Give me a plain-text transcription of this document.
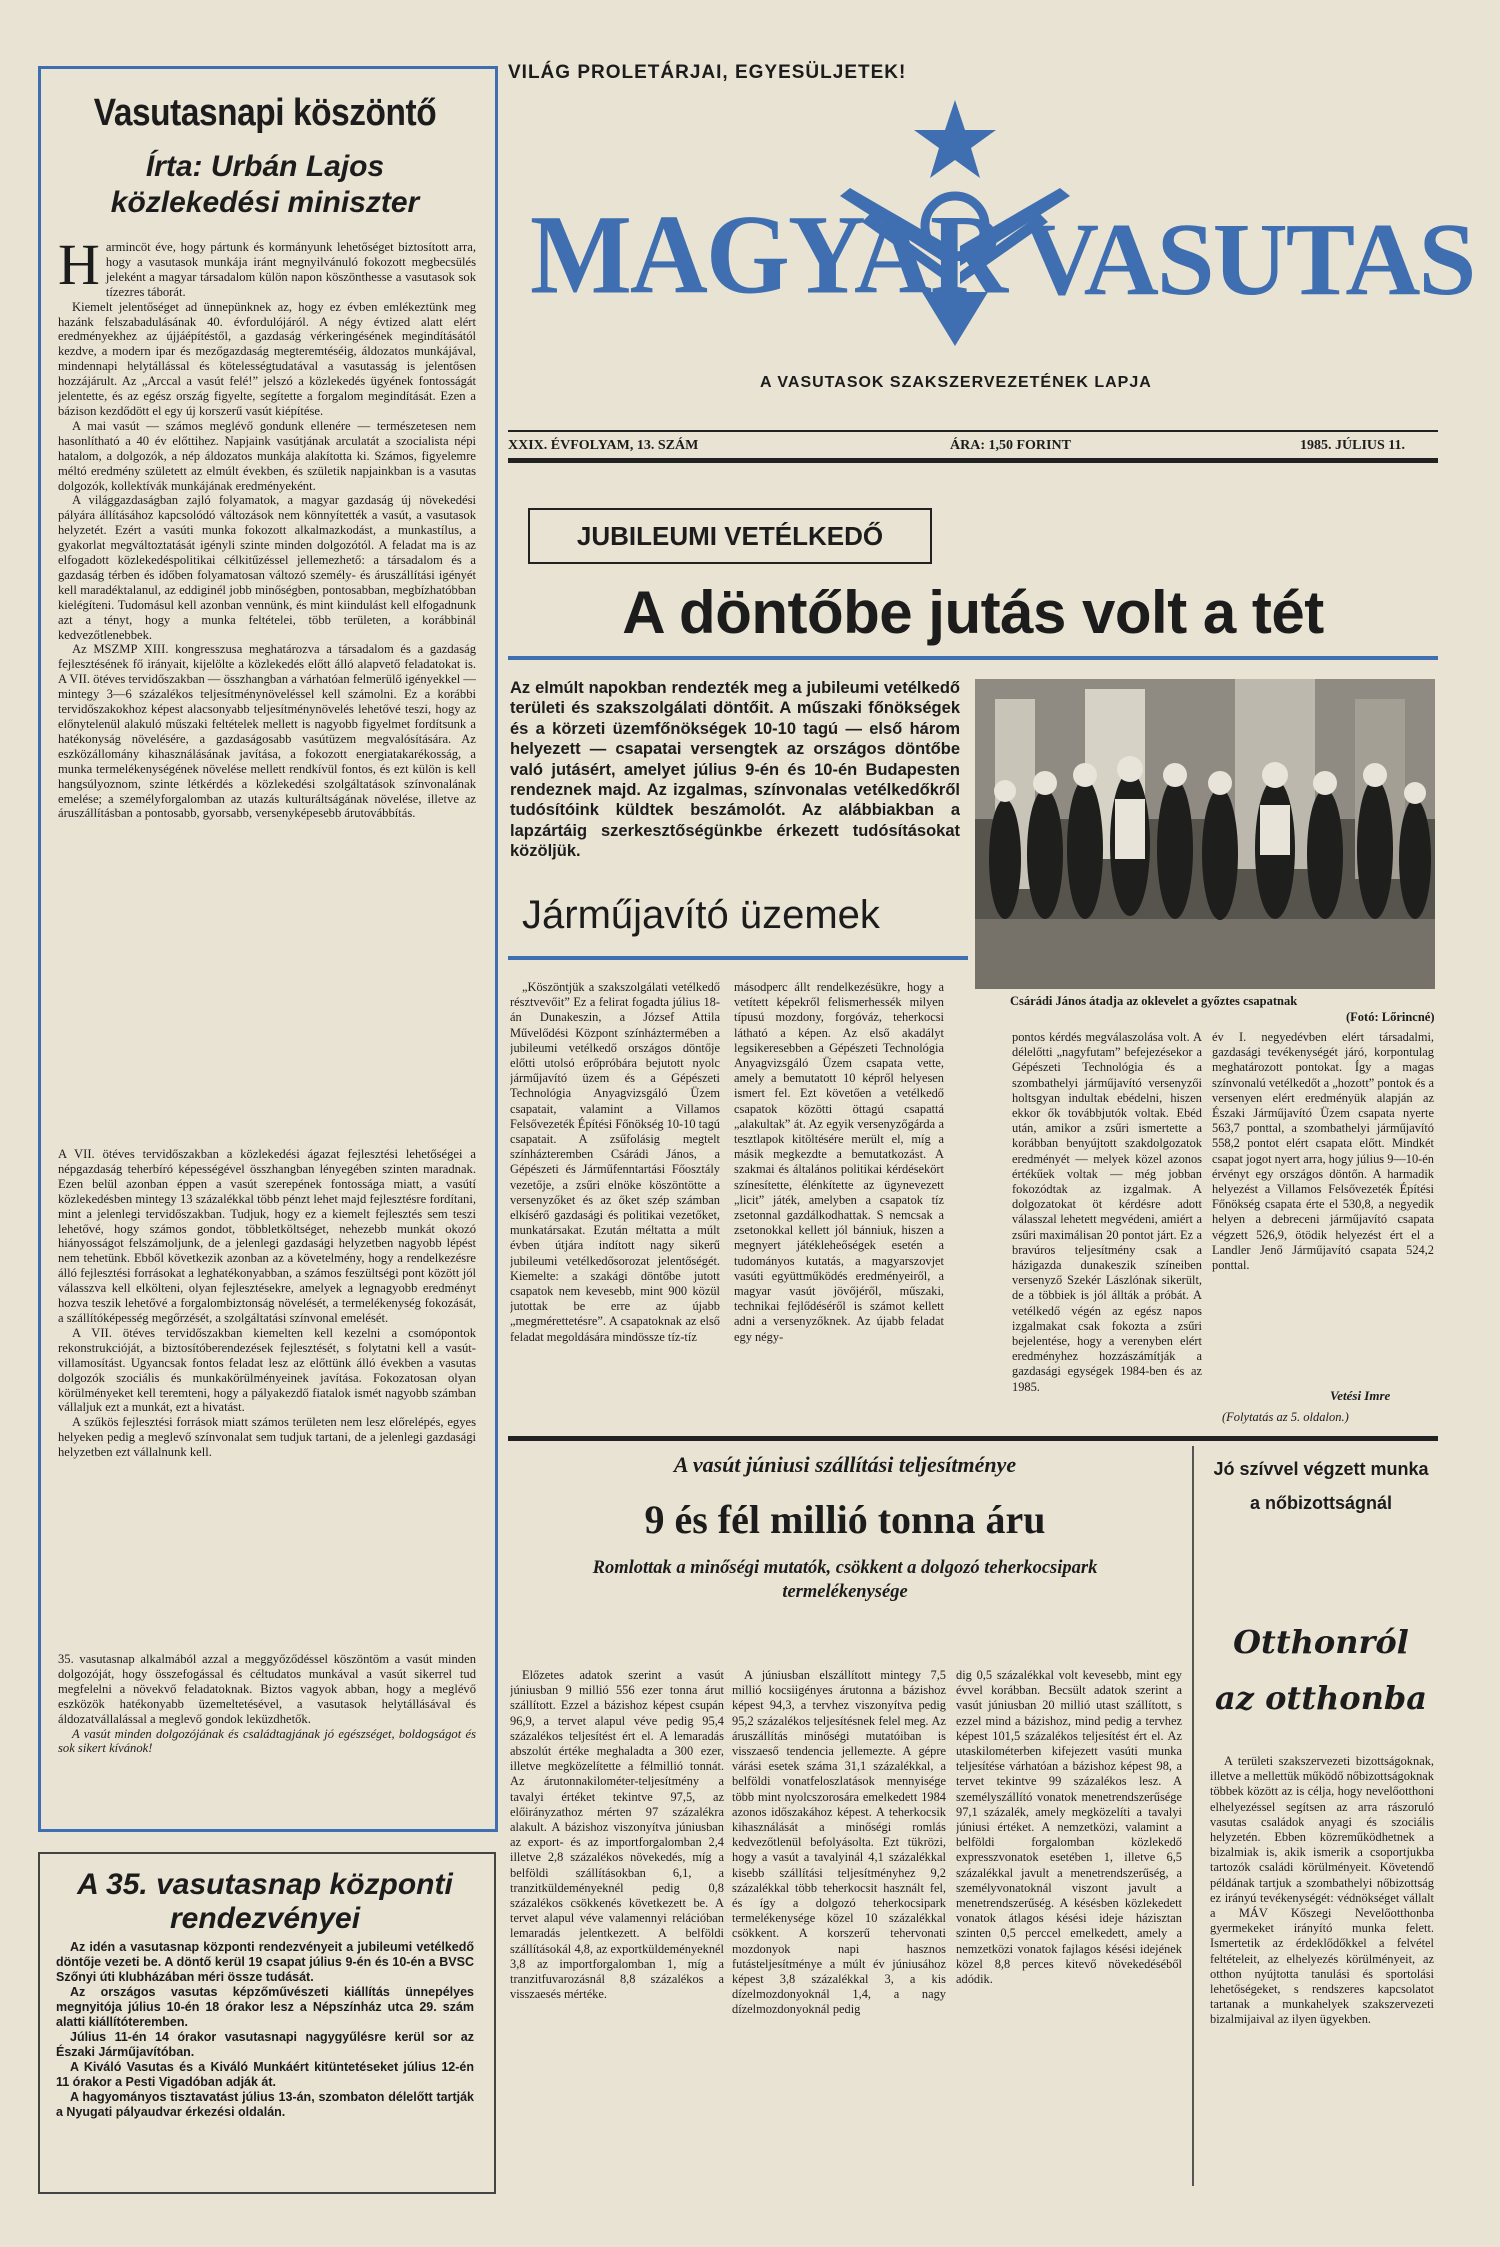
Vasutasnapi köszöntő
Írta: Urbán Lajos
közlekedési miniszter

Harmincöt éve, hogy pártunk és kormányunk lehetőséget biztosított arra, hogy a vasutasok munkája iránt megnyilvánuló fokozott megbecsülés jeleként a magyar társadalom külön napon köszönthesse a vasutasok sok tízezres táborát.

Kiemelt jelentőséget ad ünnepünknek az, hogy ez évben emlékeztünk meg hazánk felszabadulásának 40. évfordulójáról. A négy évtized alatt elért eredményekhez az újjáépítéstől, a gazdaság vérkeringésének megindításától kezdve, a modern ipar és mezőgazdaság megteremtéséig, áldozatos munkájával, mindennapi helytállással és kötelességtudatával a vasutasság is jelentősen hozzájárult. Az „Arccal a vasút felé!” jelszó a közlekedés ügyének fontosságát jelentette, és az egész ország figyelte, segítette a forgalom megindítását. Ezen a bázison kezdődött el egy új korszerű vasút kiépítése.

A mai vasút — számos meglévő gondunk ellenére — természetesen nem hasonlítható a 40 év előttihez. Napjaink vasútjának arculatát a szocialista népi hatalom, a dolgozók, a nép áldozatos munkája alakította ki. Számos, figyelemre méltó eredmény született az elmúlt években, és születik napjainkban is a vasutas dolgozók, kollektívák munkájának eredményeként.

A világgazdaságban zajló folyamatok, a magyar gazdaság új növekedési pályára állításához kapcsolódó változások nem könnyítették a vasút, a vasutasok helyzetét. Ezért a vasúti munka fokozott alkalmazkodást, a munkastílus, a gyakorlat megváltoztatását igényli szinte minden dolgozótól. A feladat ma is az elfogadott közlekedéspolitikai célkitűzéssel jellemezhető: a társadalom és a gazdaság térben és időben folyamatosan változó személy- és áruszállítási igényét kell maradéktalanul, az eddiginél jobb minőségben, pontosabban, megbízhatóbban kielégíteni. Tudomásul kell azonban vennünk, és mint kiindulást kell elfogadnunk azt a tényt, hogy a munka feltételei, több területen, a korábbinál kedvezőtlenebbek.

Az MSZMP XIII. kongresszusa meghatározva a társadalom és a gazdaság fejlesztésének fő irányait, kijelölte a közlekedés előtt álló alapvető feladatokat is. A VII. ötéves tervidőszakban — összhangban a várhatóan felmerülő igényekkel — mintegy 3—6 százalékos teljesítménynöveléssel kell számolni. Ez a korábbi tervidőszakokhoz képest alacsonyabb teljesítménynövelés lehetővé teszi, hogy az előnytelenül alakuló műszaki feltételek mellett is nagyobb figyelmet fordítsunk a hatékonyság növelésére, a gazdaságosabb vasútüzem megvalósítására. Az eszközállomány kihasználásának javítása, a fokozott energiatakarékosság, a munka termelékenységének növelése mellett rendkívül fontos, és ezt külön is kell hangsúlyoznom, szinte létkérdés a közlekedési szolgáltatások színvonalának emelése; a személyforgalomban az utazás kulturáltságának növelése, illetve az áruszállításban a pontosabb, gyorsabb, versenyképesebb árutovábbítás.

A VII. ötéves tervidőszakban a közlekedési ágazat fejlesztési lehetőségei a népgazdaság teherbíró képességével összhangban lényegében szinten maradnak. Ezen belül azonban éppen a vasút szerepének fontossága miatt, a vasútí közlekedésben mintegy 13 százalékkal több pénzt lehet majd fejlesztésre fordítani, mint a jelenlegi tervidőszakban. Tudjuk, hogy ez a kiemelt fejlesztés sem teszi lehetővé, hogy számos gondot, többletköltséget, nehezebb munkát okozó hiányosságot felszámoljunk, de a jelenlegi gazdasági helyzetben nagyobb lépést nem tehetünk. Ebből következik azonban az a követelmény, hogy a rendelkezésre álló fejlesztési forrásokat a leghatékonyabban, a számos feszültségi pont között jól válasszva kell elkölteni, olyan fejlesztésekre, amelyek a legnagyobb eredményt hozva teszik lehetővé a forgalombiztonság növelését, a termelékenység fokozását, a szállítóképesség megőrzését, a szolgáltatási színvonal emelését.

A VII. ötéves tervidőszakban kiemelten kell kezelni a csomópontok rekonstrukcióját, a biztosítóberendezések fejlesztését, s folytatni kell a vasút-villamosítást. Ugyancsak fontos feladat lesz az előttünk álló években a vasutas dolgozók szociális és munkakörülményeinek javítása. Fokozatosan olyan körülményeket kell teremteni, hogy a pályakezdő fiatalok ismét nagyobb számban vállaljuk ezt a munkát, ezt a hivatást.

A szűkös fejlesztési források miatt számos területen nem lesz előrelépés, egyes helyeken pedig a meglevő színvonalat sem tudjuk tartani, de a jelenlegi gazdasági helyzetben ezt vállalnunk kell.

35. vasutasnap alkalmából azzal a meggyőződéssel köszöntöm a vasút minden dolgozóját, hogy összefogással és céltudatos munkával a vasút sikerrel tud megfelelni a növekvő feladatoknak. Biztos vagyok abban, hogy a meglévő eszközök hatékonyabb üzemeltetésével, a vasutasok helytállásával és áldozatvállalással a meglevő gondok leküzdhetők.

A vasút minden dolgozójának és családtagjának jó egészséget, boldogságot és sok sikert kívánok!

A 35. vasutasnap központi rendezvényei

Az idén a vasutasnap központi rendezvényeit a jubileumi vetélkedő döntője vezeti be. A döntő kerül 19 csapat július 9-én és 10-én a BVSC Szőnyi úti klubházában méri össze tudását.

Az országos vasutas képzőművészeti kiállítás ünnepélyes megnyitója július 10-én 18 órakor lesz a Népszínház utca 29. szám alatti kiállítóteremben.

Július 11-én 14 órakor vasutasnapi nagygyűlésre kerül sor az Északi Járműjavítóban.

A Kiváló Vasutas és a Kiváló Munkáért kitüntetéseket július 12-én 11 órakor a Pesti Vigadóban adják át.

A hagyományos tisztavatást július 13-án, szombaton délelőtt tartják a Nyugati pályaudvar érkezési oldalán.

VILÁG PROLETÁRJAI, EGYESÜLJETEK!
MAGYAR VASUTAS
A VASUTASOK SZAKSZERVEZETÉNEK LAPJA
XXIX. ÉVFOLYAM, 13. SZÁM	ÁRA: 1,50 FORINT	1985. JÚLIUS 11.
JUBILEUMI VETÉLKEDŐ
A döntőbe jutás volt a tét
Az elmúlt napokban rendezték meg a jubileumi vetélkedő területi és szakszolgálati döntőit. A műszaki főnökségek és a körzeti üzemfőnökségek 10-10 tagú — első három helyezett — csapatai versengtek az országos döntőbe való jutásért, amelyet július 9-én és 10-én Budapesten rendeznek majd. Az izgalmas, színvonalas vetélkedőkről tudósítóink küldtek beszámolót. Az alábbiakban a lapzártáig szerkesztőségünkbe érkezett tudósításokat közöljük.
Járműjavító üzemek
Csárádi János átadja az oklevelet a győztes csapatnak
(Fotó: Lőrincné)
„Köszöntjük a szakszolgálati vetélkedő résztvevőit” Ez a felirat fogadta július 18-án Dunakeszin, a József Attila Művelődési Központ színháztermében a jubileumi vetélkedő országos döntője előtti utolsó erőpróbára bejutott nyolc járműjavító üzem és a Gépészeti Technológia Anyagvizsgáló Üzem csapatait, valamint a Villamos Felsővezeték Építési Főnökség 10-10 tagú csapatait. A zsűfolásig megtelt színházteremben Csárádi János, a Gépészeti és Járműfenntartási Főosztály vezetője, a zsűri elnöke köszöntötte a versenyzőket és az őket szép számban elkísérő gazdasági és politikai vezetőket, munkatársakat. Ezután méltatta a múlt évben útjára indított nagy sikerű jubileumi vetélkedősorozat jelentőségét. Kiemelte: a szakági döntőbe jutott csapatok nem kevesebb, mint 900 közül jutottak be erre az újabb „megmérettetésre”. A csapatoknak az első feladat megoldására mindössze tíz-tíz
másodperc állt rendelkezésükre, hogy a vetített képekről felismerhessék milyen típusú mozdony, forgóváz, teherkocsi látható a képen. Az első akadályt legsikeresebben a Gépészeti Technológia Anyagvizsgáló Üzem csapata vette, amely a bemutatott 10 képről helyesen ismert fel. Ezt követően a vetélkedő csapatok közötti öttagú csapattá „alakultak” át. Az egyik versenyzőgárda a tesztlapok kitöltésére merült el, míg a másik megkezdte a bemutatkozást. A szakmai és általános politikai kérdésekört színesítette, élénkítette az ügynevezett „licit” játék, amelyben a csapatok tíz zsetonnal gazdálkodhattak. S nemcsak a zsetonokkal kellett jól bánniuk, hiszen a megnyert játékleheőségek esetén a tudományos kutatás, a magyarszovjet vasúti együttműködés eredményeiről, a magyar vasút jövőjéről, műszaki, technikai fejlődéséről is számot kellett adni a versenyzőknek. Az újabb feladat egy négy-
pontos kérdés megválaszolása volt. A délelőtti „nagyfutam” befejezésekor a Gépészeti Technológia és a szombathelyi járműjavító versenyzői holtsgyan indultak ebédelni, hiszen ekkor ők továbbjutók voltak. Ebéd után, amikor a zsűri ismertette a korábban benyújtott szakdolgozatok eredményét — melyek közel azonos értékűek voltak — még jobban fokozódtak az izgalmak. A dolgozatokat öt kérdésre adott válasszal lehetett megvédeni, amiért a zsűri maximálisan 20 pontot járt. Ez a bravúros teljesítmény csak a házigazda dunakeszik színeiben versenyző Szekér Lászlónak sikerült, de a többiek is jól állták a próbát. A vetélkedő végén az egész napos izgalmakat csak fokozta a zsűri bejelentése, hogy a verenyben elért eredményhez hozzászámítják a gazdasági egységek 1984-ben és az 1985.
év I. negyedévben elért társadalmi, gazdasági tevékenységét járó, korpontulag meghatározott pontokat. Így a magas színvonalú vetélkedőt a „hozott” pontok és a versenyen elért eredményük alapján az Északi Járműjavító Üzem csapata nyerte 563,7 ponttal, a szombathelyi járműjavító 558,2 pontot elért csapata előtt. Mindkét csapat jogot nyert arra, hogy július 9—10-én érvényt egy országos döntőn. A harmadik helyezést a Villamos Felsővezeték Építési Főnökség csapata érte el 530,8, a negyedik helyen a debreceni járműjavító csapata végzett 526,9, ötödik helyezést ért el a Landler Jenő Járműjavító csapata 524,2 ponttal.
Vetési Imre
(Folytatás az 5. oldalon.)
A vasút júniusi szállítási teljesítménye
9 és fél millió tonna áru
Romlottak a minőségi mutatók, csökkent a dolgozó teherkocsipark termelékenysége
Előzetes adatok szerint a vasút júniusban 9 millió 556 ezer tonna árut szállított. Ezzel a bázishoz képest csupán 96,9, a tervet alapul véve pedig 95,4 százalékos teljesítést ért el. A lemaradás abszolút értéke meghaladta a 300 ezer, illetve megközelítette a félmillió tonnát. Az árutonnakilométer-teljesítmény a tavalyi értéket tekintve 97,5, az előirányzathoz mérten 97 százalékra alakult. A bázishoz viszonyítva júniusban az export- és az importforgalomban 2,4 illetve 2,8 százalékos növekedés, míg a belföldi szállításokban 6,1, a tranzitküldeményeknél pedig 0,8 százalékos csökkenés következett be. A tervet alapul véve valamennyi relációban lemaradás jelentkezett. A belföldi szállításokál 4,8, az exportküldeményeknél 3,8 az importforgalomban 1, míg a tranzitfuvarozásnál 8,8 százalékos a visszaesés mértéke.
A júniusban elszállított mintegy 7,5 millió kocsiigényes árutonna a bázishoz képest 94,3, a tervhez viszonyítva pedig 95,2 százalékos teljesítésnek felel meg. Az áruszállítás minőségi mutatóiban is visszaeső tendencia jellemezte. A géprе várási esetek száma 31,1 százalékkal, a belföldi vonatfeloszlatások mennyisége több mint nyolcszorosára emelkedett 1984 azonos időszakához képest. A teherkocsik kihasználását a minőségi romlás kedvezőtlenül befolyásolta. Ezt tükrözi, hogy a vasút a tavalyinál 4,1 százalékkal kisebb szállítási teljesítményhez 9,2 százalékkal több teherkocsit használt fel, és így a dolgozó teherkocsipark termelékenysége közel 10 százalékkal csökkent. A korszerű tehervonati mozdonyok napi hasznos futásteljesítménye a múlt év júniusához képest 3,8 százalékkal 3, a kis dízelmozdonyoknál 1,4, a nagy dízelmozdonyoknál pedig
dig 0,5 százalékkal volt kevesebb, mint egy évvel korábban. Becsült adatok szerint a vasút júniusban 20 millió utast szállított, s ezzel mind a bázishoz, mind pedig a tervhez képest 101,5 százalékos teljesítést ért el. Az utaskilométerben kifejezett vasúti munka teljesítése várhatóan a bázishoz képest 98, a tervet tekintve 99 százalékos lesz. A személyszállító vonatok menetrendszerűsége 97,1 százalék, amely megközelíti a tavalyi júniusi értéket. A nemzetközi, valamint a belföldi forgalomban közlekedő expresszvonatok esetében 1, illetve 6,5 százalékkal javult a menetrendszerűség, a személyvonatoknál viszont javult a menetrendszerűség. A késésben közlekedett vonatok átlagos késési ideje házisztan szinten 0,5 perccel emelkedett, amely a nemzetközi vonatok fajlagos késési idejének közel 8,8 perces kitevő növekedéséből adódik.
Jó szívvel végzett munka a nőbizottságnál
Otthonról
az otthonba
A területi szakszervezeti bizottságoknak, illetve a mellettük működő nőbizottságoknak többek között az is célja, hogy nevelőotthoni elhelyezéssel segítsen az arra rászoruló vasutas családok anyagi és szociális helyzetén. Ebben közreműködhetnek a bizalmiak is, akik ismerik a csoportjukba tartozók családi körülményeit. Követendő példának tartjuk a szombathelyi nőbizottság ez irányú tevékenységét: védnökséget vállalt a MÁV Kőszegi Nevelőotthonba gyermekeket irányító munka felett. Ismertetik az érdeklődőkkel a felvétel feltételeit, az elhelyezés körülményeit, az otthon nyújtotta tanulási és sportolási lehetőségeket, s rendszeres kapcsolatot tartanak a munkahelyek szakszervezeti bizalmijaival az ilyen ügyekben.
